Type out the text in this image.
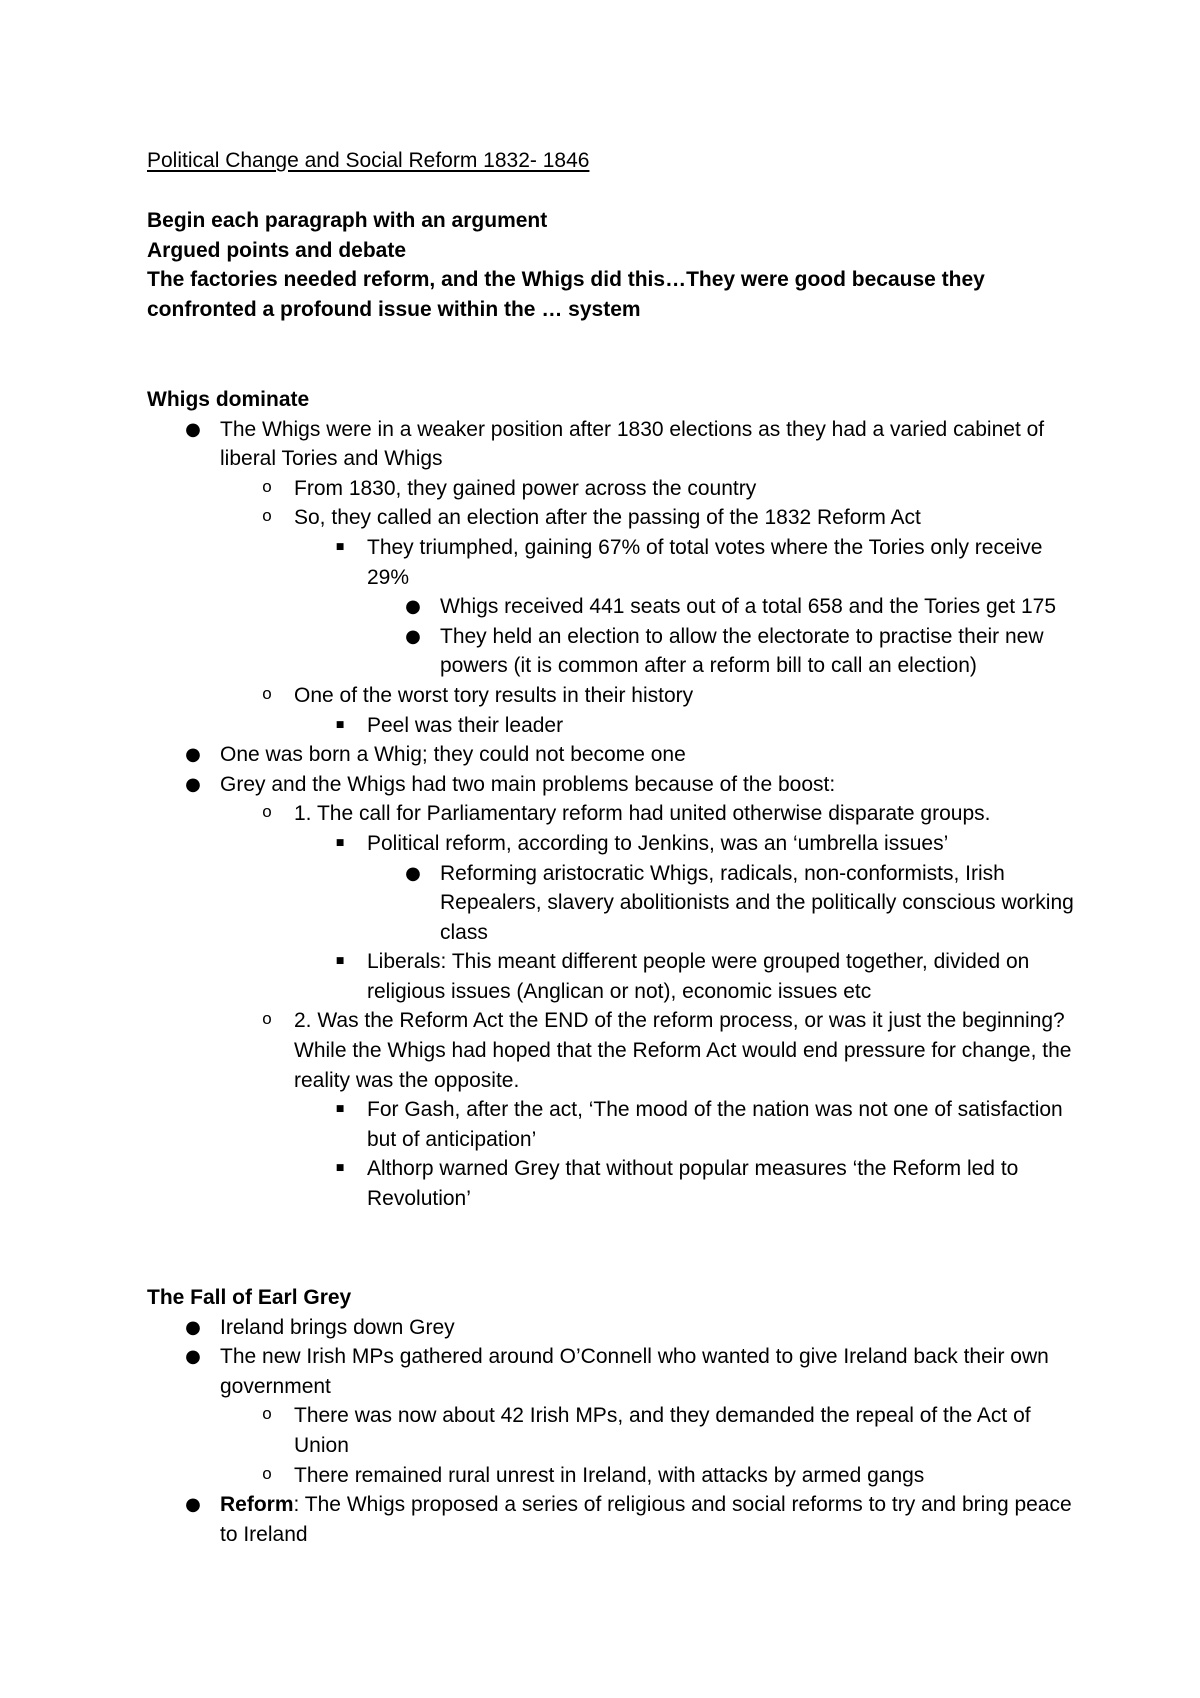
Political Change and Social Reform 1832- 1846

Begin each paragraph with an argument

Argued points and debate

The factories needed reform, and the Whigs did this…They were good because they confronted a profound issue within the … system

Whigs dominate

● The Whigs were in a weaker position after 1830 elections as they had a varied cabinet of liberal Tories and Whigs
o From 1830, they gained power across the country
o So, they called an election after the passing of the 1832 Reform Act
■ They triumphed, gaining 67% of total votes where the Tories only receive 29%
● Whigs received 441 seats out of a total 658 and the Tories get 175
● They held an election to allow the electorate to practise their new powers (it is common after a reform bill to call an election)
o One of the worst tory results in their history
■ Peel was their leader
● One was born a Whig; they could not become one
● Grey and the Whigs had two main problems because of the boost:
o 1. The call for Parliamentary reform had united otherwise disparate groups.
■ Political reform, according to Jenkins, was an ‘umbrella issues’
● Reforming aristocratic Whigs, radicals, non-conformists, Irish Repealers, slavery abolitionists and the politically conscious working class
■ Liberals: This meant different people were grouped together, divided on religious issues (Anglican or not), economic issues etc
o 2. Was the Reform Act the END of the reform process, or was it just the beginning? While the Whigs had hoped that the Reform Act would end pressure for change, the reality was the opposite.
■ For Gash, after the act, ‘The mood of the nation was not one of satisfaction but of anticipation’
■ Althorp warned Grey that without popular measures ‘the Reform led to Revolution’

The Fall of Earl Grey

● Ireland brings down Grey
● The new Irish MPs gathered around O’Connell who wanted to give Ireland back their own government
o There was now about 42 Irish MPs, and they demanded the repeal of the Act of Union
o There remained rural unrest in Ireland, with attacks by armed gangs
● Reform: The Whigs proposed a series of religious and social reforms to try and bring peace to Ireland
